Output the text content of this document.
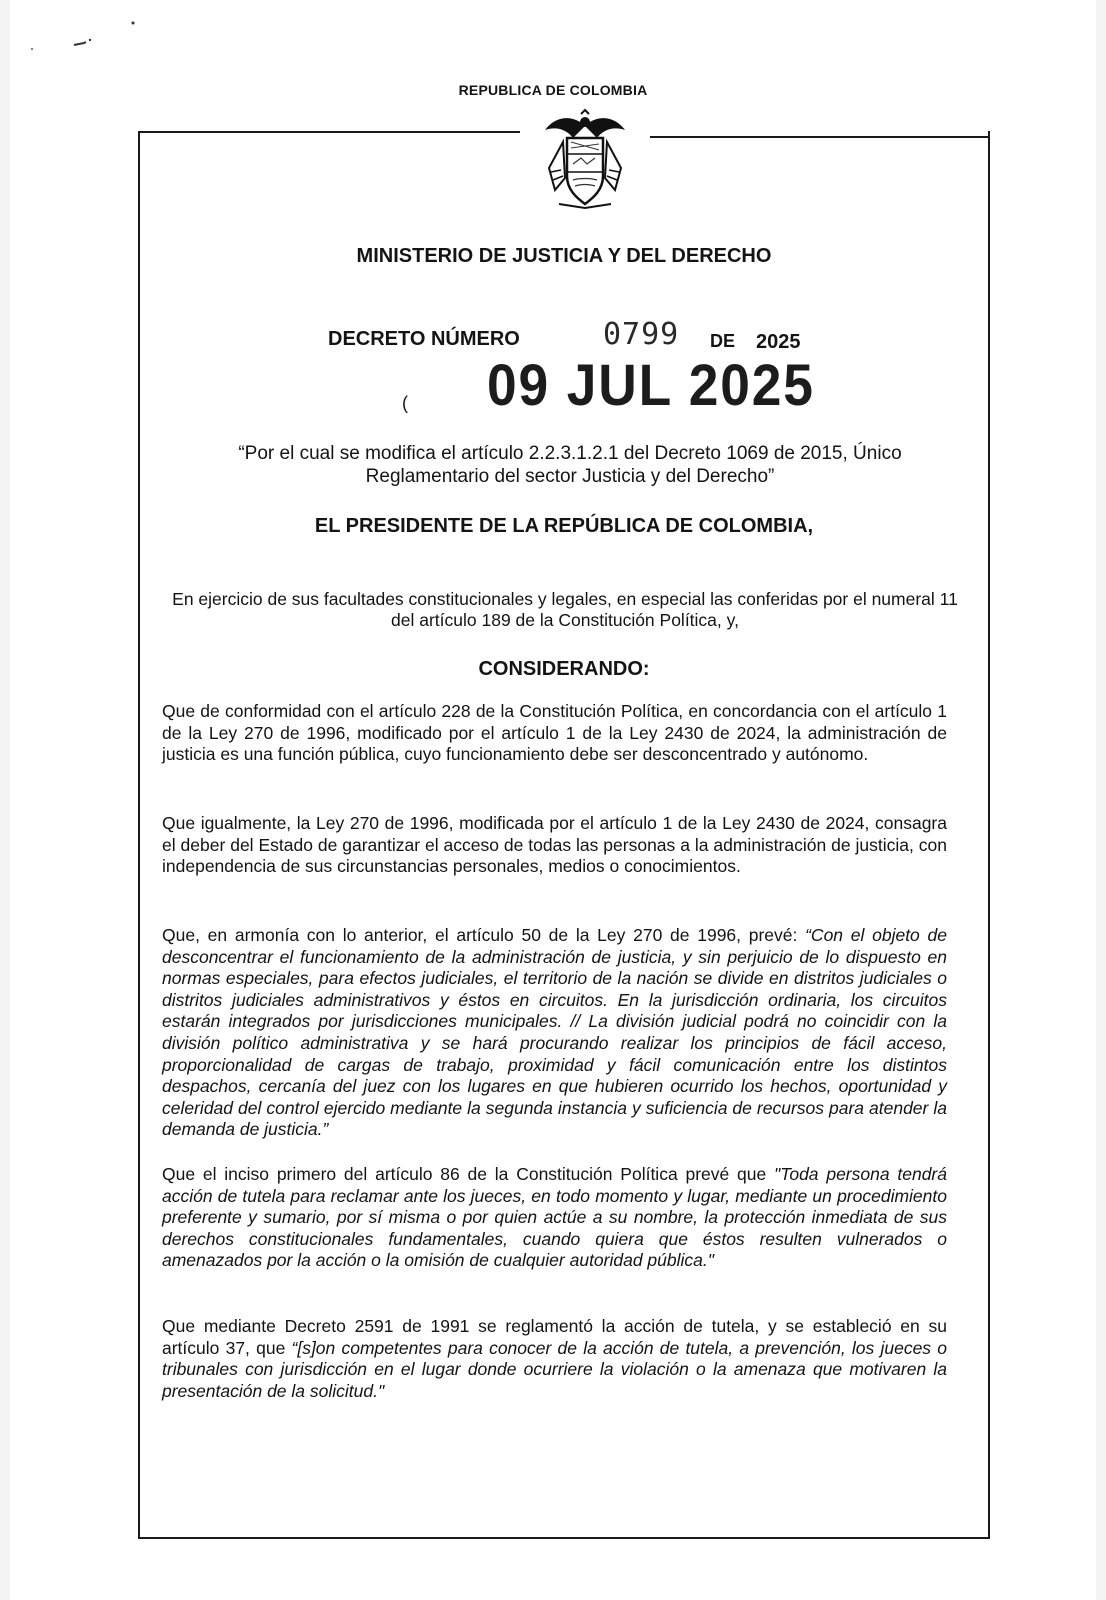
REPUBLICA DE COLOMBIA
MINISTERIO DE JUSTICIA Y DEL DERECHO
DECRETO NÚMERO	0799 DE 2025
( 09 JUL 2025
“Por el cual se modifica el artículo 2.2.3.1.2.1 del Decreto 1069 de 2015, Único Reglamentario del sector Justicia y del Derecho”
EL PRESIDENTE DE LA REPÚBLICA DE COLOMBIA,
En ejercicio de sus facultades constitucionales y legales, en especial las conferidas por el numeral 11 del artículo 189 de la Constitución Política, y,
CONSIDERANDO:
Que de conformidad con el artículo 228 de la Constitución Política, en concordancia con el artículo 1 de la Ley 270 de 1996, modificado por el artículo 1 de la Ley 2430 de 2024, la administración de justicia es una función pública, cuyo funcionamiento debe ser desconcentrado y autónomo.
Que igualmente, la Ley 270 de 1996, modificada por el artículo 1 de la Ley 2430 de 2024, consagra el deber del Estado de garantizar el acceso de todas las personas a la administración de justicia, con independencia de sus circunstancias personales, medios o conocimientos.
Que, en armonía con lo anterior, el artículo 50 de la Ley 270 de 1996, prevé: “Con el objeto de desconcentrar el funcionamiento de la administración de justicia, y sin perjuicio de lo dispuesto en normas especiales, para efectos judiciales, el territorio de la nación se divide en distritos judiciales o distritos judiciales administrativos y éstos en circuitos. En la jurisdicción ordinaria, los circuitos estarán integrados por jurisdicciones municipales. // La división judicial podrá no coincidir con la división político administrativa y se hará procurando realizar los principios de fácil acceso, proporcionalidad de cargas de trabajo, proximidad y fácil comunicación entre los distintos despachos, cercanía del juez con los lugares en que hubieren ocurrido los hechos, oportunidad y celeridad del control ejercido mediante la segunda instancia y suficiencia de recursos para atender la demanda de justicia.”
Que el inciso primero del artículo 86 de la Constitución Política prevé que "Toda persona tendrá acción de tutela para reclamar ante los jueces, en todo momento y lugar, mediante un procedimiento preferente y sumario, por sí misma o por quien actúe a su nombre, la protección inmediata de sus derechos constitucionales fundamentales, cuando quiera que éstos resulten vulnerados o amenazados por la acción o la omisión de cualquier autoridad pública."
Que mediante Decreto 2591 de 1991 se reglamentó la acción de tutela, y se estableció en su artículo 37, que “[s]on competentes para conocer de la acción de tutela, a prevención, los jueces o tribunales con jurisdicción en el lugar donde ocurriere la violación o la amenaza que motivaren la presentación de la solicitud."
